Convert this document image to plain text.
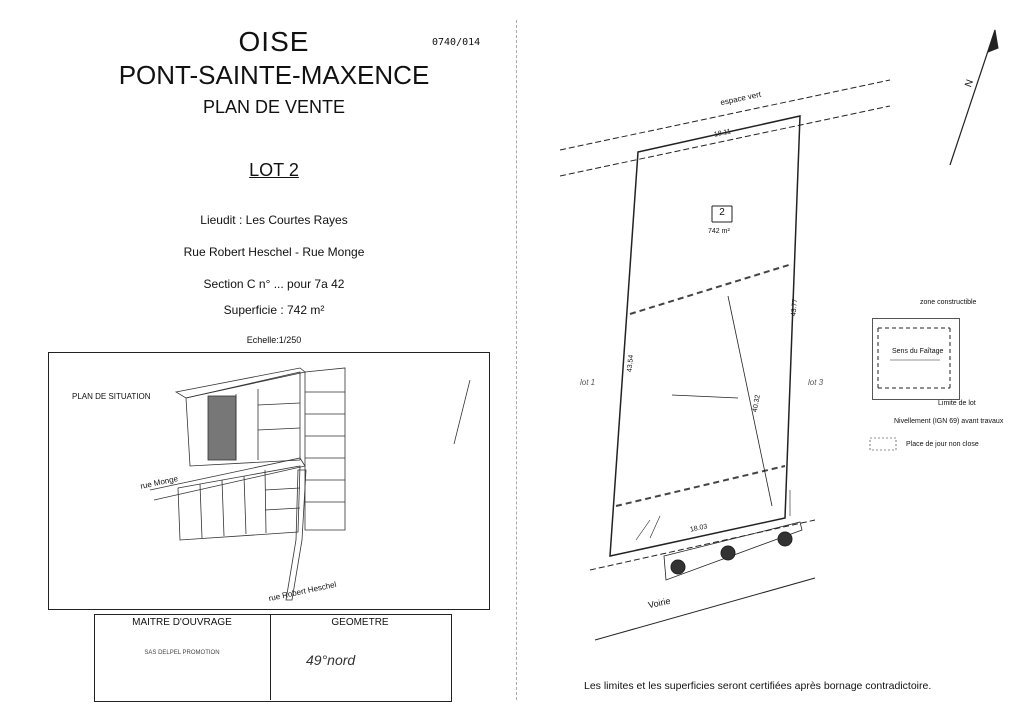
OISE
PONT-SAINTE-MAXENCE
PLAN DE VENTE
0740/014
LOT 2
Lieudit : Les Courtes Rayes
Rue Robert Heschel - Rue Monge
Section C n° ... pour 7a 42
Superficie : 742 m²
Echelle:1/250
PLAN DE SITUATION
rue Monge
rue Robert Heschel
MAITRE D'OUVRAGE	GEOMETRE
SAS DELPEL PROMOTION	49°nord
espace vert
18.11
2
742 m²
43.54
43.77
40.32
lot 1	lot 3
18.03
Voirie
N
zone constructible
Sens du Faîtage
Limite de lot
Nivellement (IGN 69) avant travaux
Place de jour non close
Les limites et les superficies seront certifiées après bornage contradictoire.
